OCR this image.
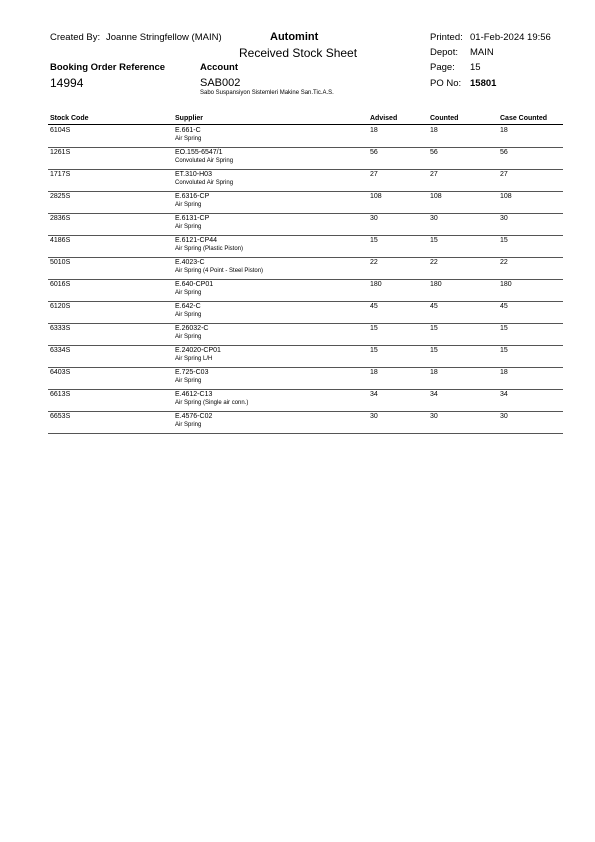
Created By: Joanne Stringfellow (MAIN)	Automint
Received Stock Sheet
Printed: 01-Feb-2024 19:56
Depot: MAIN
Page: 15
PO No: 15801
Booking Order Reference
14994
Account
SAB002
Sabo Suspansiyon Sistemleri Makine San.Tic.A.S.
Stock Code	Supplier	Advised	Counted	Case Counted
6104S	E.661-C	18	18	18
Air Spring
1261S	EO.155-6547/1	56	56	56
Convoluted Air Spring
1717S	ET.310-H03	27	27	27
Convoluted Air Spring
2825S	E.6316-CP	108	108	108
Air Spring
2836S	E.6131-CP	30	30	30
Air Spring
4186S	E.6121-CP44	15	15	15
Air Spring (Plastic Piston)
5010S	E.4023-C	22	22	22
Air Spring (4 Point - Steel Piston)
6016S	E.640-CP01	180	180	180
Air Spring
6120S	E.642-C	45	45	45
Air Spring
6333S	E.26032-C	15	15	15
Air Spring
6334S	E.24020-CP01	15	15	15
Air Spring L/H
6403S	E.725-C03	18	18	18
Air Spring
6613S	E.4612-C13	34	34	34
Air Spring (Single air conn.)
6653S	E.4576-C02	30	30	30
Air Spring
